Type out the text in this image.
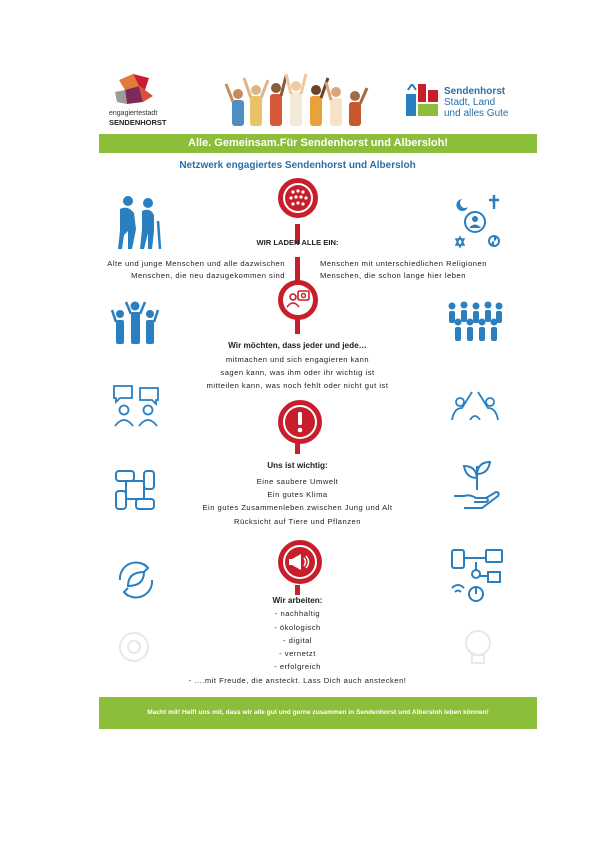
engagiertestadt
SENDENHORST
Sendenhorst
Stadt, Land
und alles Gute
Alle. Gemeinsam.Für Sendenhorst und Albersloh!
Netzwerk engagiertes Sendenhorst und Albersloh
WIR LADEN ALLE EIN:
Alte und junge Menschen und alle dazwischen
Menschen, die neu dazugekommen sind
Menschen mit unterschiedlichen Religionen
Menschen, die schon lange hier leben
Wir möchten, dass jeder und jede…
mitmachen und sich engagieren kann
sagen kann, was ihm oder ihr wichtig ist
mitteilen kann, was noch fehlt oder nicht gut ist
Uns ist wichtig:
Eine saubere Umwelt
Ein gutes Klima
Ein gutes Zusammenleben zwischen Jung und Alt
Rücksicht auf Tiere und Pflanzen
Wir arbeiten:
- nachhaltig
- ökologisch
- digital
- vernetzt
- erfolgreich
- ….mit Freude, die ansteckt. Lass Dich auch anstecken!
Macht mit! Helft uns mit, dass wir alle gut und gerne zusammen in Sendenhorst und Albersloh leben können!
